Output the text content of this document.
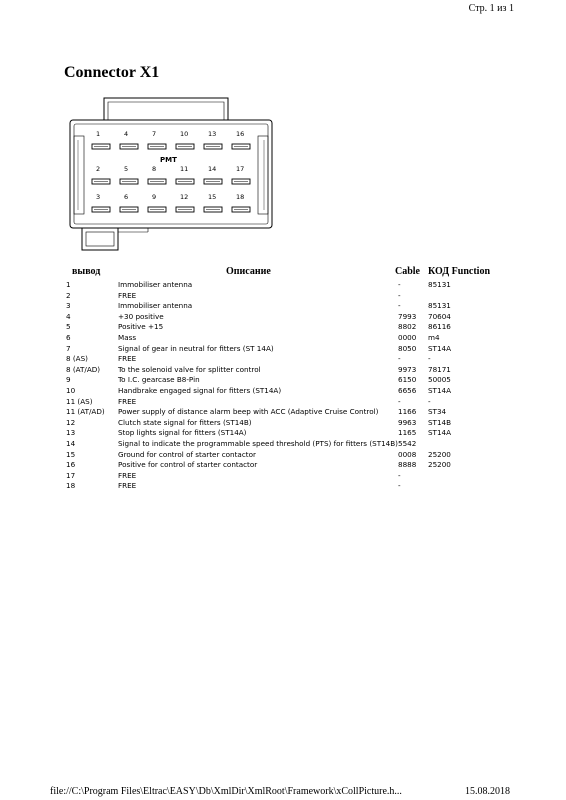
Стр. 1 из 1
Connector X1
PMT
1	4	7	10	13	16
2	5	8	11	14	17
3	6	9	12	15	18
вывод	Описание	Cable КОД Function
1	Immobiliser antenna	-	85131
2	FREE	-
3	Immobiliser antenna	-	85131
4	+30 positive	7993	70604
5	Positive +15	8802	86116
6	Mass	0000	m4
7	Signal of gear in neutral for fitters (ST 14A)	8050	ST14A
8 (AS)	FREE	-	-
8 (AT/AD)	To the solenoid valve for splitter control	9973	78171
9	To I.C. gearcase B8-Pin	6150	50005
10	Handbrake engaged signal for fitters (ST14A)	6656	ST14A
11 (AS)	FREE	-	-
11 (AT/AD)	Power supply of distance alarm beep with ACC (Adaptive Cruise Control)	1166	ST34
12	Clutch state signal for fitters (ST14B)	9963	ST14B
13	Stop lights signal for fitters (ST14A)	1165	ST14A
14	Signal to indicate the programmable speed threshold (PTS) for fitters (ST14B) 5542
15	Ground for control of starter contactor	0008	25200
16	Positive for control of starter contactor	8888	25200
17	FREE	-
18	FREE	-
file://C:\Program Files\Eltrac\EASY\Db\XmlDir\XmlRoot\Framework\xCollPicture.h...	15.08.2018
